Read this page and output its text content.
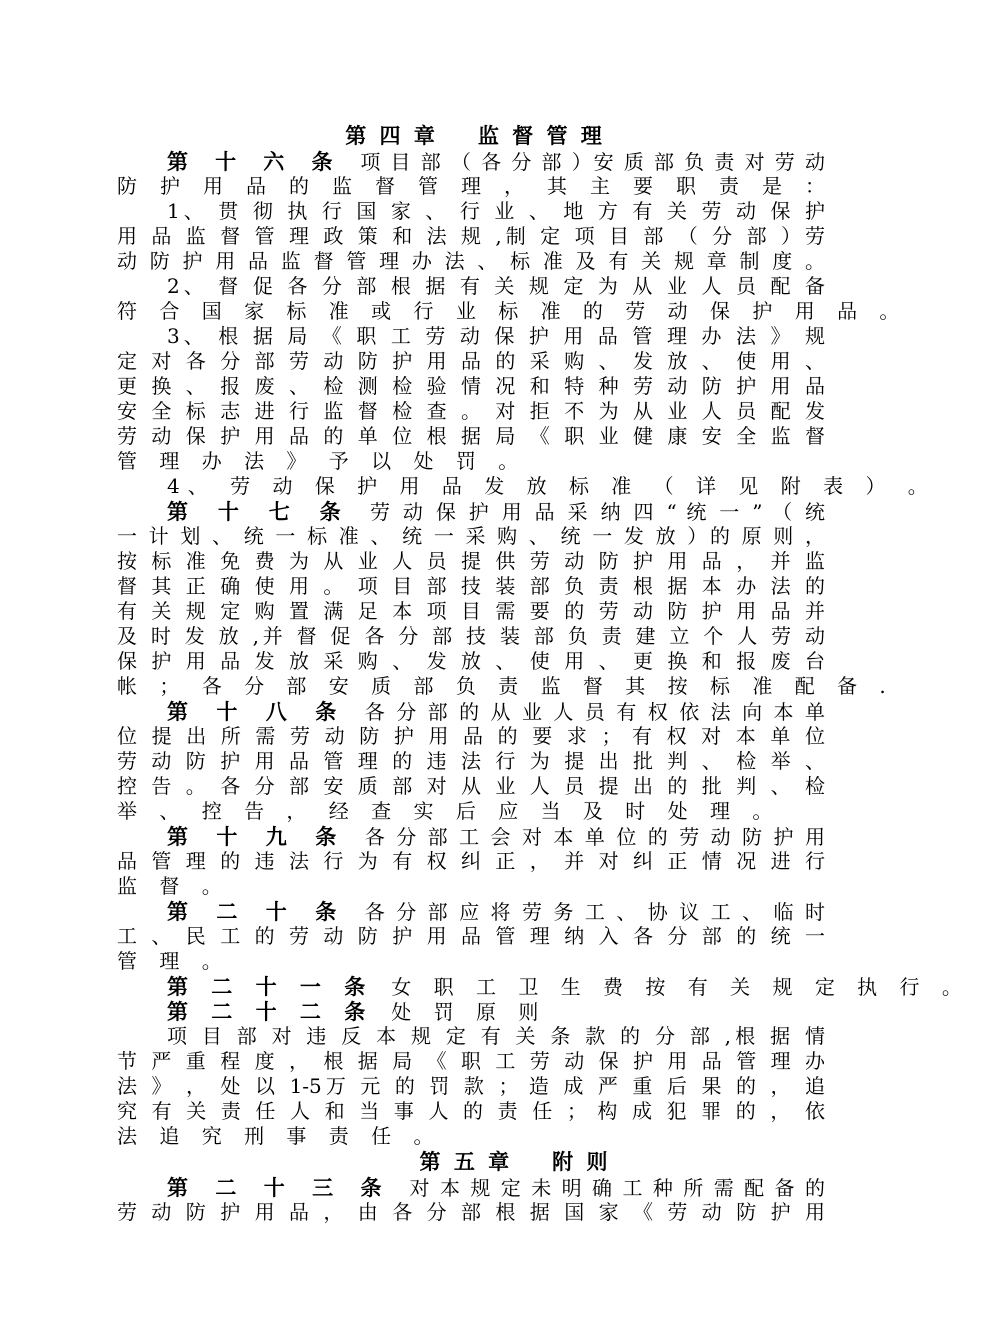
第 四 章 监 督 管 理
第 十 六 条 项 目 部 （ 各 分 部 ）安 质 部 负 责 对 劳 动
防 护 用 品 的 监 督 管 理 ， 其 主 要 职 责 是 ：
1、 贯 彻 执 行 国 家 、 行 业 、 地 方 有 关 劳 动 保 护
用 品 监 督 管 理 政 策 和 法 规 ,制 定 项 目 部 （ 分 部 ）劳
动 防 护 用 品 监 督 管 理 办 法 、 标 准 及 有 关 规 章 制 度 。
2、 督 促 各 分 部 根 据 有 关 规 定 为 从 业 人 员 配 备
符 合 国 家 标 准 或 行 业 标 准 的 劳 动 保 护 用 品 。
3、 根 据 局 《 职 工 劳 动 保 护 用 品 管 理 办 法 》 规
定 对 各 分 部 劳 动 防 护 用 品 的 采 购 、 发 放 、 使 用 、
更 换 、 报 废 、 检 测 检 验 情 况 和 特 种 劳 动 防 护 用 品
安 全 标 志 进 行 监 督 检 查 。 对 拒 不 为 从 业 人 员 配 发
劳 动 保 护 用 品 的 单 位 根 据 局 《 职 业 健 康 安 全 监 督
管 理 办 法 》 予 以 处 罚 。
4、 劳 动 保 护 用 品 发 放 标 准 （ 详 见 附 表 ） 。
第 十 七 条 劳 动 保 护 用 品 采 纳 四 “ 统 一 ” （ 统
一 计 划 、 统 一 标 准 、 统 一 采 购 、 统 一 发 放 ）的 原 则 ，
按 标 准 免 费 为 从 业 人 员 提 供 劳 动 防 护 用 品 ， 并 监
督 其 正 确 使 用 。 项 目 部 技 装 部 负 责 根 据 本 办 法 的
有 关 规 定 购 置 满 足 本 项 目 需 要 的 劳 动 防 护 用 品 并
及 时 发 放 ,并 督 促 各 分 部 技 装 部 负 责 建 立 个 人 劳 动
保 护 用 品 发 放 采 购 、 发 放 、 使 用 、 更 换 和 报 废 台
帐 ； 各 分 部 安 质 部 负 责 监 督 其 按 标 准 配 备 .
第 十 八 条 各 分 部 的 从 业 人 员 有 权 依 法 向 本 单
位 提 出 所 需 劳 动 防 护 用 品 的 要 求 ； 有 权 对 本 单 位
劳 动 防 护 用 品 管 理 的 违 法 行 为 提 出 批 判 、 检 举 、
控 告 。 各 分 部 安 质 部 对 从 业 人 员 提 出 的 批 判 、 检
举 、 控 告 ， 经 查 实 后 应 当 及 时 处 理 。
第 十 九 条 各 分 部 工 会 对 本 单 位 的 劳 动 防 护 用
品 管 理 的 违 法 行 为 有 权 纠 正 ， 并 对 纠 正 情 况 进 行
监 督 。
第 二 十 条 各 分 部 应 将 劳 务 工 、 协 议 工 、 临 时
工 、 民 工 的 劳 动 防 护 用 品 管 理 纳 入 各 分 部 的 统 一
管 理 。
第 二 十 一 条 女 职 工 卫 生 费 按 有 关 规 定 执 行 。
第 二 十 二 条 处 罚 原 则
项 目 部 对 违 反 本 规 定 有 关 条 款 的 分 部 ,根 据 情
节 严 重 程 度 ， 根 据 局 《 职 工 劳 动 保 护 用 品 管 理 办
法 》 ， 处 以 1-5万 元 的 罚 款 ； 造 成 严 重 后 果 的 ， 追
究 有 关 责 任 人 和 当 事 人 的 责 任 ； 构 成 犯 罪 的 ， 依
法 追 究 刑 事 责 任 。
第 五 章 附 则
第 二 十 三 条 对 本 规 定 未 明 确 工 种 所 需 配 备 的
劳 动 防 护 用 品 ， 由 各 分 部 根 据 国 家 《 劳 动 防 护 用
